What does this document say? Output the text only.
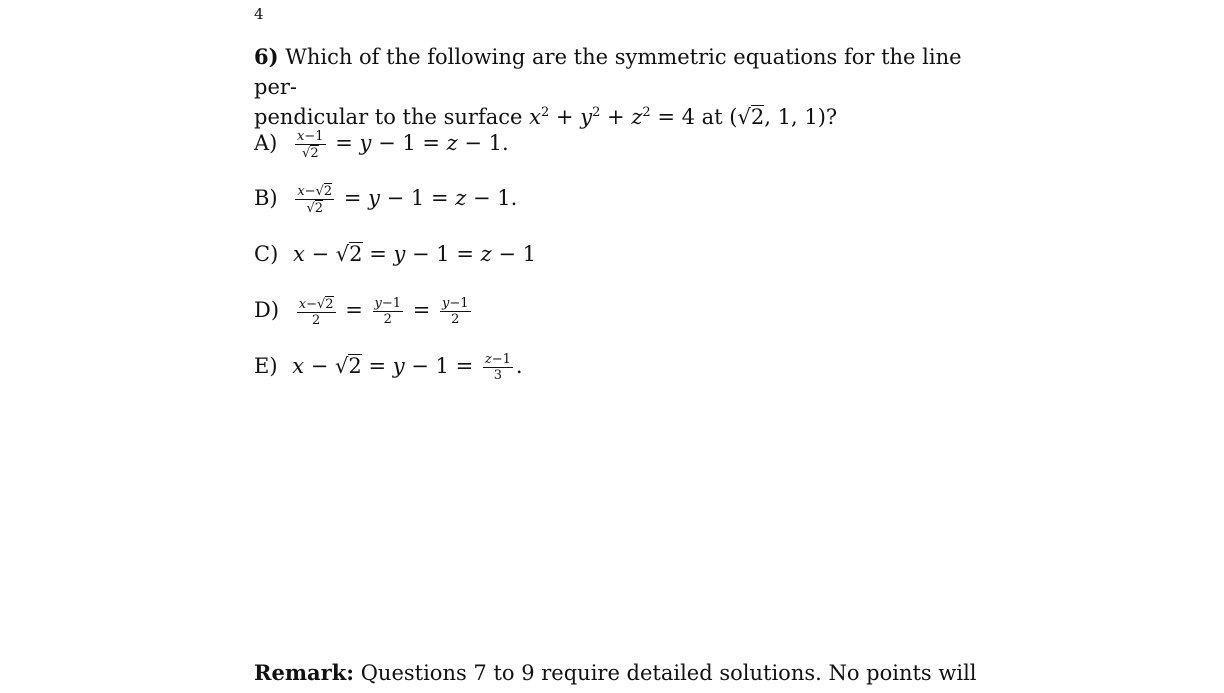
4
6) Which of the following are the symmetric equations for the line per-
pendicular to the surface $x^2 + y^2 + z^2 = 4$ at (√2, 1, 1)?
$A) \frac{x-1}{√2} = y - 1 = z - 1$.
$B) \frac{x-√2}{√2} = y - 1 = z - 1$.
C) x − √2 = y − 1 = z − 1
$D) \frac{x-√2}{2} = \frac{y-1}{2} = \frac{y-1}{2}$
E) $x - √2 = y - 1 = \frac{z-1}{3}$ .
Remark: Questions 7 to 9 require detailed solutions. No points will
